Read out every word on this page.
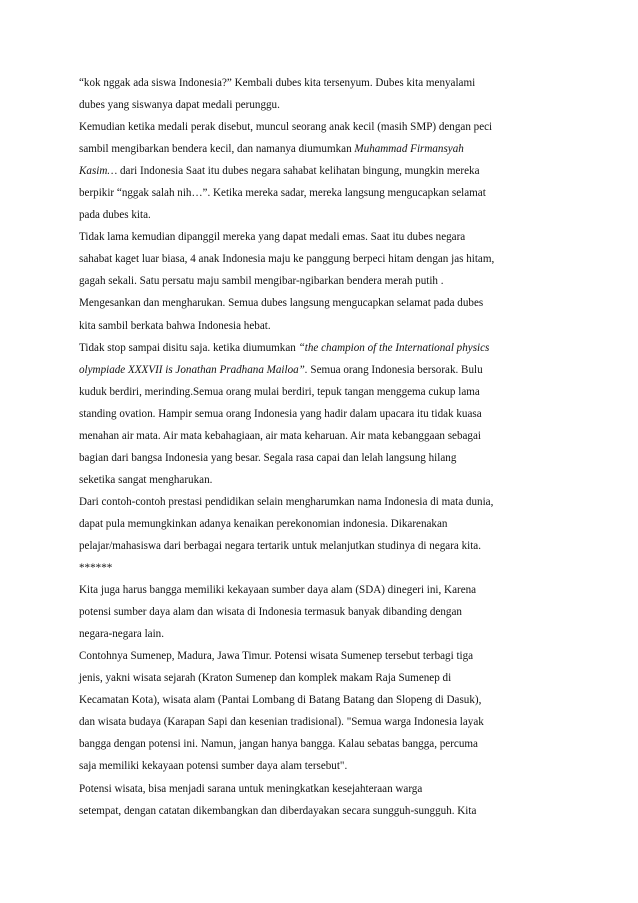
“kok nggak ada siswa Indonesia?” Kembali dubes kita tersenyum. Dubes kita menyalami
dubes yang siswanya dapat medali perunggu.
Kemudian ketika medali perak disebut, muncul seorang anak kecil (masih SMP) dengan peci
sambil mengibarkan bendera kecil, dan namanya diumumkan Muhammad Firmansyah
Kasim… dari Indonesia Saat itu dubes negara sahabat kelihatan bingung, mungkin mereka
berpikir “nggak salah nih…”. Ketika mereka sadar, mereka langsung mengucapkan selamat
pada dubes kita.
Tidak lama kemudian dipanggil mereka yang dapat medali emas. Saat itu dubes negara
sahabat kaget luar biasa, 4 anak Indonesia maju ke panggung berpeci hitam dengan jas hitam,
gagah sekali. Satu persatu maju sambil mengibar-ngibarkan bendera merah putih .
Mengesankan dan mengharukan. Semua dubes langsung mengucapkan selamat pada dubes
kita sambil berkata bahwa Indonesia hebat.
Tidak stop sampai disitu saja. ketika diumumkan “the champion of the International physics
olympiade XXXVII is Jonathan Pradhana Mailoa”. Semua orang Indonesia bersorak. Bulu
kuduk berdiri, merinding.Semua orang mulai berdiri, tepuk tangan menggema cukup lama
standing ovation. Hampir semua orang Indonesia yang hadir dalam upacara itu tidak kuasa
menahan air mata. Air mata kebahagiaan, air mata keharuan. Air mata kebanggaan sebagai
bagian dari bangsa Indonesia yang besar. Segala rasa capai dan lelah langsung hilang
seketika sangat mengharukan.
Dari contoh-contoh prestasi pendidikan selain mengharumkan nama Indonesia di mata dunia,
dapat pula memungkinkan adanya kenaikan perekonomian indonesia. Dikarenakan
pelajar/mahasiswa dari berbagai negara tertarik untuk melanjutkan studinya di negara kita.
******
Kita juga harus bangga memiliki kekayaan sumber daya alam (SDA) dinegeri ini, Karena
potensi sumber daya alam dan wisata di Indonesia termasuk banyak dibanding dengan
negara-negara lain.
Contohnya Sumenep, Madura, Jawa Timur. Potensi wisata Sumenep tersebut terbagi tiga
jenis, yakni wisata sejarah (Kraton Sumenep dan komplek makam Raja Sumenep di
Kecamatan Kota), wisata alam (Pantai Lombang di Batang Batang dan Slopeng di Dasuk),
dan wisata budaya (Karapan Sapi dan kesenian tradisional). "Semua warga Indonesia layak
bangga dengan potensi ini. Namun, jangan hanya bangga. Kalau sebatas bangga, percuma
saja memiliki kekayaan potensi sumber daya alam tersebut".
Potensi wisata, bisa menjadi sarana untuk meningkatkan kesejahteraan warga
setempat, dengan catatan dikembangkan dan diberdayakan secara sungguh-sungguh. Kita
